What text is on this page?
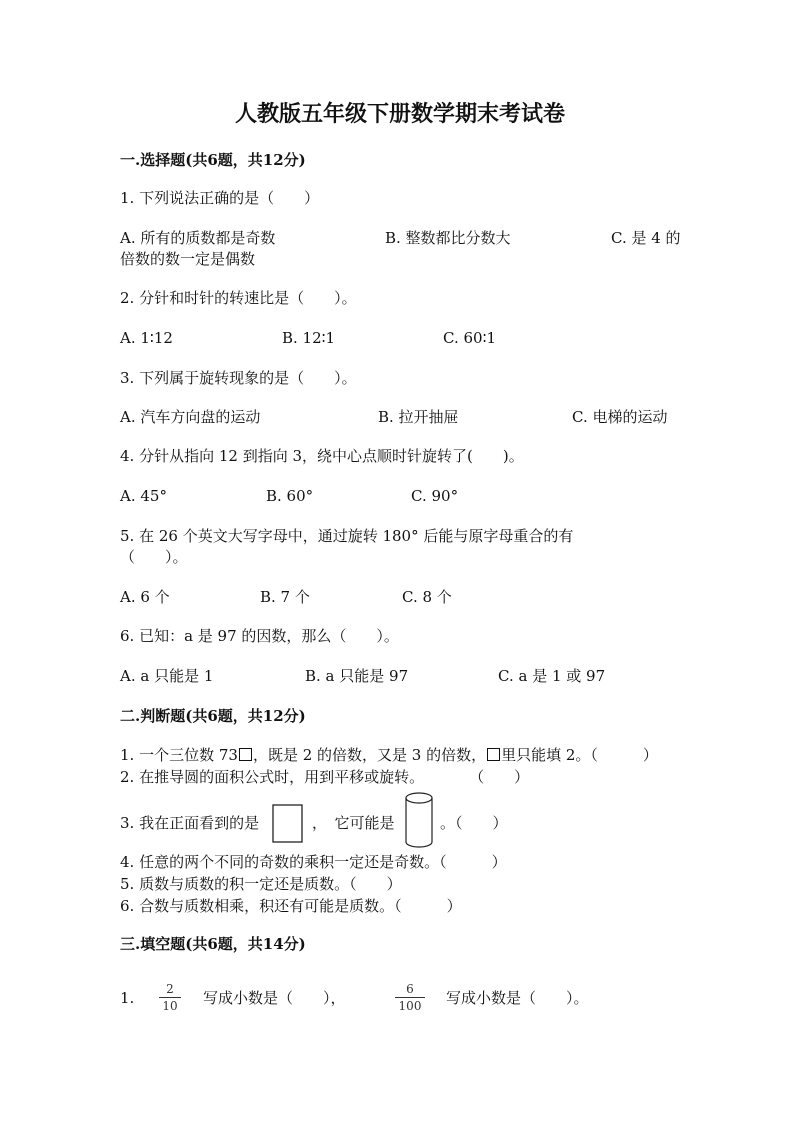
人教版五年级下册数学期末考试卷
一.选择题(共6题，共12分)
1. 下列说法正确的是（　　）
A. 所有的质数都是奇数	B. 整数都比分数大	C. 是 4 的
倍数的数一定是偶数
2. 分针和时针的转速比是（　　）。
A. 1∶12	B. 12∶1	C. 60∶1
3. 下列属于旋转现象的是（　　）。
A. 汽车方向盘的运动	B. 拉开抽屉	C. 电梯的运动
4. 分针从指向 12 到指向 3，绕中心点顺时针旋转了(　　)。
A. 45°	B. 60°	C. 90°
5. 在 26 个英文大写字母中，通过旋转 180° 后能与原字母重合的有
（　　）。
A. 6 个	B. 7 个	C. 8 个
6. 已知：a 是 97 的因数，那么（　　）。
A. a 只能是 1	B. a 只能是 97	C. a 是 1 或 97
二.判断题(共6题，共12分)
1. 一个三位数 73 ，既是 2 的倍数，又是 3 的倍数， 里只能填 2。（　　　）
2. 在推导圆的面积公式时，用到平移或旋转。　　　　（　　）
3. 我在正面看到的是	，　它可能是	。（　　）
4. 任意的两个不同的奇数的乘积一定还是奇数。（　　　）
5. 质数与质数的积一定还是质数。（　　）
6. 合数与质数相乘，积还有可能是质数。（　　　）
三.填空题(共6题，共14分)
1.	2
10 写成小数是（　　），	6
100 写成小数是（　　）。
